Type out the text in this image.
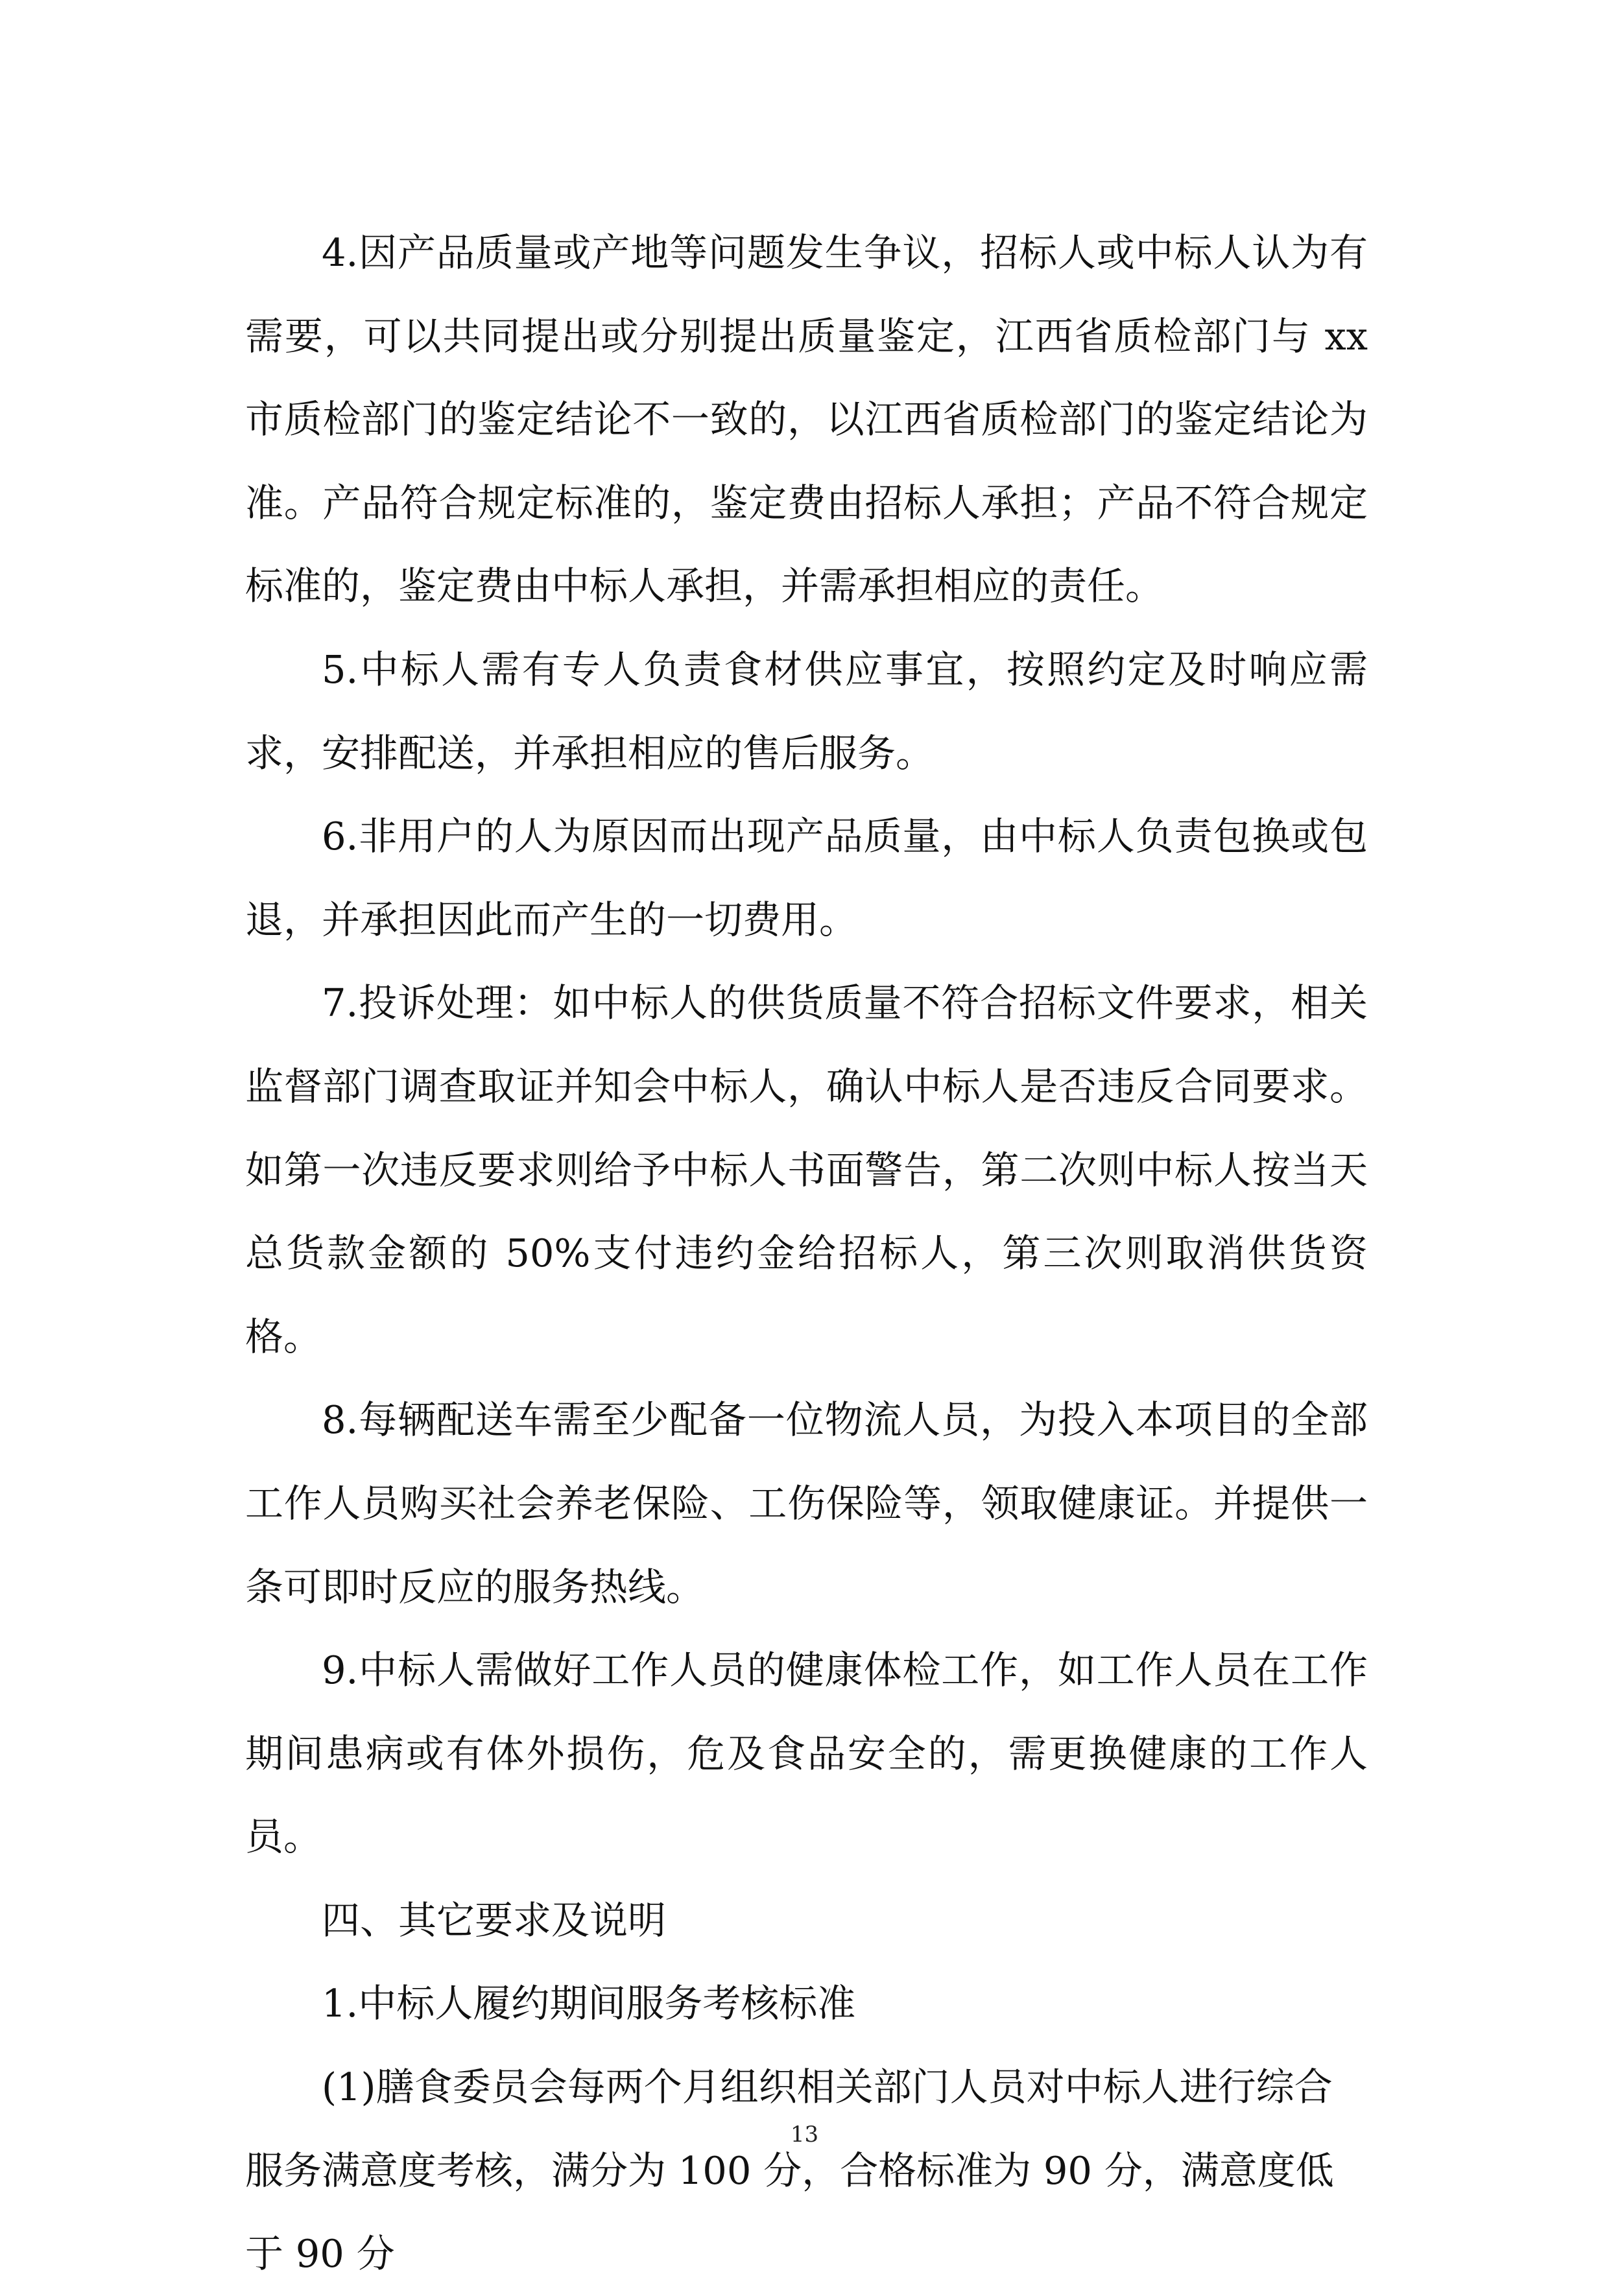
4.因产品质量或产地等问题发生争议，招标人或中标人认为有需要，可以共同提出或分别提出质量鉴定，江西省质检部门与 xx 市质检部门的鉴定结论不一致的，以江西省质检部门的鉴定结论为准。产品符合规定标准的，鉴定费由招标人承担；产品不符合规定标准的，鉴定费由中标人承担，并需承担相应的责任。

5.中标人需有专人负责食材供应事宜，按照约定及时响应需求，安排配送，并承担相应的售后服务。

6.非用户的人为原因而出现产品质量，由中标人负责包换或包退，并承担因此而产生的一切费用。

7.投诉处理：如中标人的供货质量不符合招标文件要求，相关监督部门调查取证并知会中标人，确认中标人是否违反合同要求。如第一次违反要求则给予中标人书面警告，第二次则中标人按当天总货款金额的 50%支付违约金给招标人，第三次则取消供货资格。

8.每辆配送车需至少配备一位物流人员，为投入本项目的全部工作人员购买社会养老保险、工伤保险等，领取健康证。并提供一条可即时反应的服务热线。

9.中标人需做好工作人员的健康体检工作，如工作人员在工作期间患病或有体外损伤，危及食品安全的，需更换健康的工作人员。

四、其它要求及说明

1.中标人履约期间服务考核标准

(1)膳食委员会每两个月组织相关部门人员对中标人进行综合服务满意度考核，满分为 100 分，合格标准为 90 分，满意度低于 90 分

13
